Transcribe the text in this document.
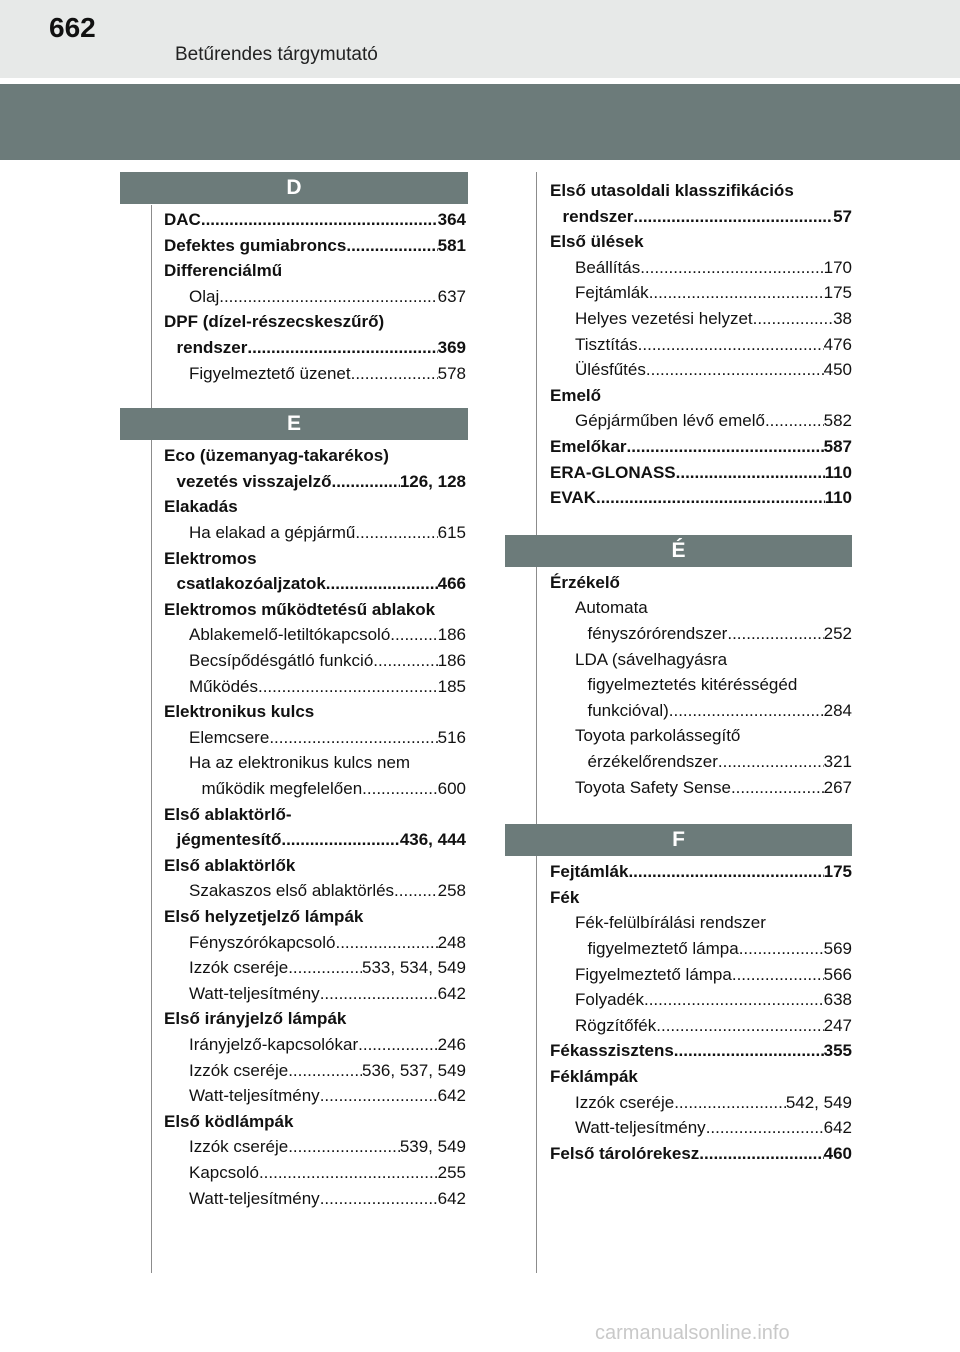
662
Betűrendes tárgymutató
D
DAC .....	364
Defektes gumiabroncs .....	581
Differenciálmű
Olaj .....	637
DPF (dízel-részecskeszűrő)
rendszer .....	369
Figyelmeztető üzenet .....	578
E
Eco (üzemanyag-takarékos)
vezetés visszajelző .....	126, 128
Elakadás
Ha elakad a gépjármű .....	615
Elektromos
csatlakozóaljzatok .....	466
Elektromos működtetésű ablakok
Ablakemelő-letiltókapcsoló .....	186
Becsípődésgátló funkció .....	186
Működés .....	185
Elektronikus kulcs
Elemcsere .....	516
Ha az elektronikus kulcs nem
működik megfelelően .....	600
Első ablaktörlő-
jégmentesítő .....	436, 444
Első ablaktörlők
Szakaszos első ablaktörlés .....	258
Első helyzetjelző lámpák
Fényszórókapcsoló .....	248
Izzók cseréje .....	533, 534, 549
Watt-teljesítmény .....	642
Első irányjelző lámpák
Irányjelző-kapcsolókar .....	246
Izzók cseréje .....	536, 537, 549
Watt-teljesítmény .....	642
Első ködlámpák
Izzók cseréje .....	539, 549
Kapcsoló .....	255
Watt-teljesítmény .....	642
Első utasoldali klasszifikációs
rendszer .....	57
Első ülések
Beállítás .....	170
Fejtámlák .....	175
Helyes vezetési helyzet .....	38
Tisztítás .....	476
Ülésfűtés .....	450
Emelő
Gépjárműben lévő emelő .....	582
Emelőkar .....	587
ERA-GLONASS .....	110
EVAK .....	110
É
Érzékelő
Automata
fényszórórendszer .....	252
LDA (sávelhagyásra
figyelmeztetés kitérésségéd
funkcióval) .....	284
Toyota parkolássegítő
érzékelőrendszer .....	321
Toyota Safety Sense .....	267
F
Fejtámlák .....	175
Fék
Fék-felülbírálási rendszer
figyelmeztető lámpa .....	569
Figyelmeztető lámpa .....	566
Folyadék .....	638
Rögzítőfék .....	247
Fékasszisztens .....	355
Féklámpák
Izzók cseréje .....	542, 549
Watt-teljesítmény .....	642
Felső tárolórekesz .....	460
carmanualsonline.info
